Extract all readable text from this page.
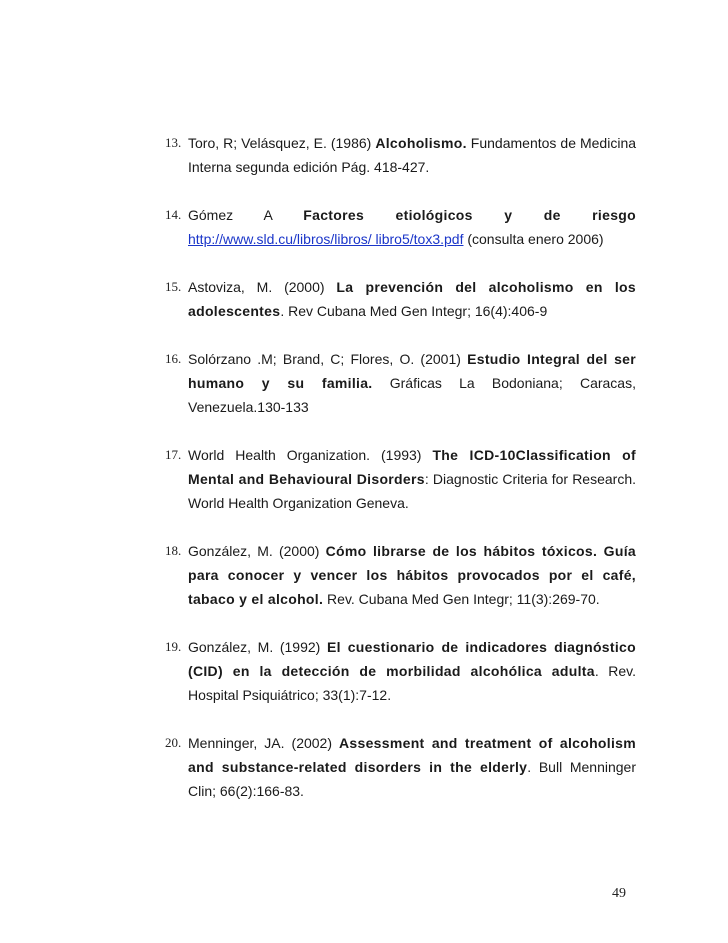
13. Toro, R; Velásquez, E. (1986) Alcoholismo. Fundamentos de Medicina Interna segunda edición Pág. 418-427.
14. Gómez A Factores etiológicos y de riesgo http://www.sld.cu/libros/libros/ libro5/tox3.pdf (consulta enero 2006)
15. Astoviza, M. (2000) La prevención del alcoholismo en los adolescentes. Rev Cubana Med Gen Integr; 16(4):406-9
16. Solórzano .M; Brand, C; Flores, O. (2001) Estudio Integral del ser humano y su familia. Gráficas La Bodoniana; Caracas, Venezuela.130-133
17. World Health Organization. (1993) The ICD-10Classification of Mental and Behavioural Disorders: Diagnostic Criteria for Research. World Health Organization Geneva.
18. González, M. (2000) Cómo librarse de los hábitos tóxicos. Guía para conocer y vencer los hábitos provocados por el café, tabaco y el alcohol. Rev. Cubana Med Gen Integr; 11(3):269-70.
19. González, M. (1992) El cuestionario de indicadores diagnóstico (CID) en la detección de morbilidad alcohólica adulta. Rev. Hospital Psiquiátrico; 33(1):7-12.
20. Menninger, JA. (2002) Assessment and treatment of alcoholism and substance-related disorders in the elderly. Bull Menninger Clin; 66(2):166-83.
49
